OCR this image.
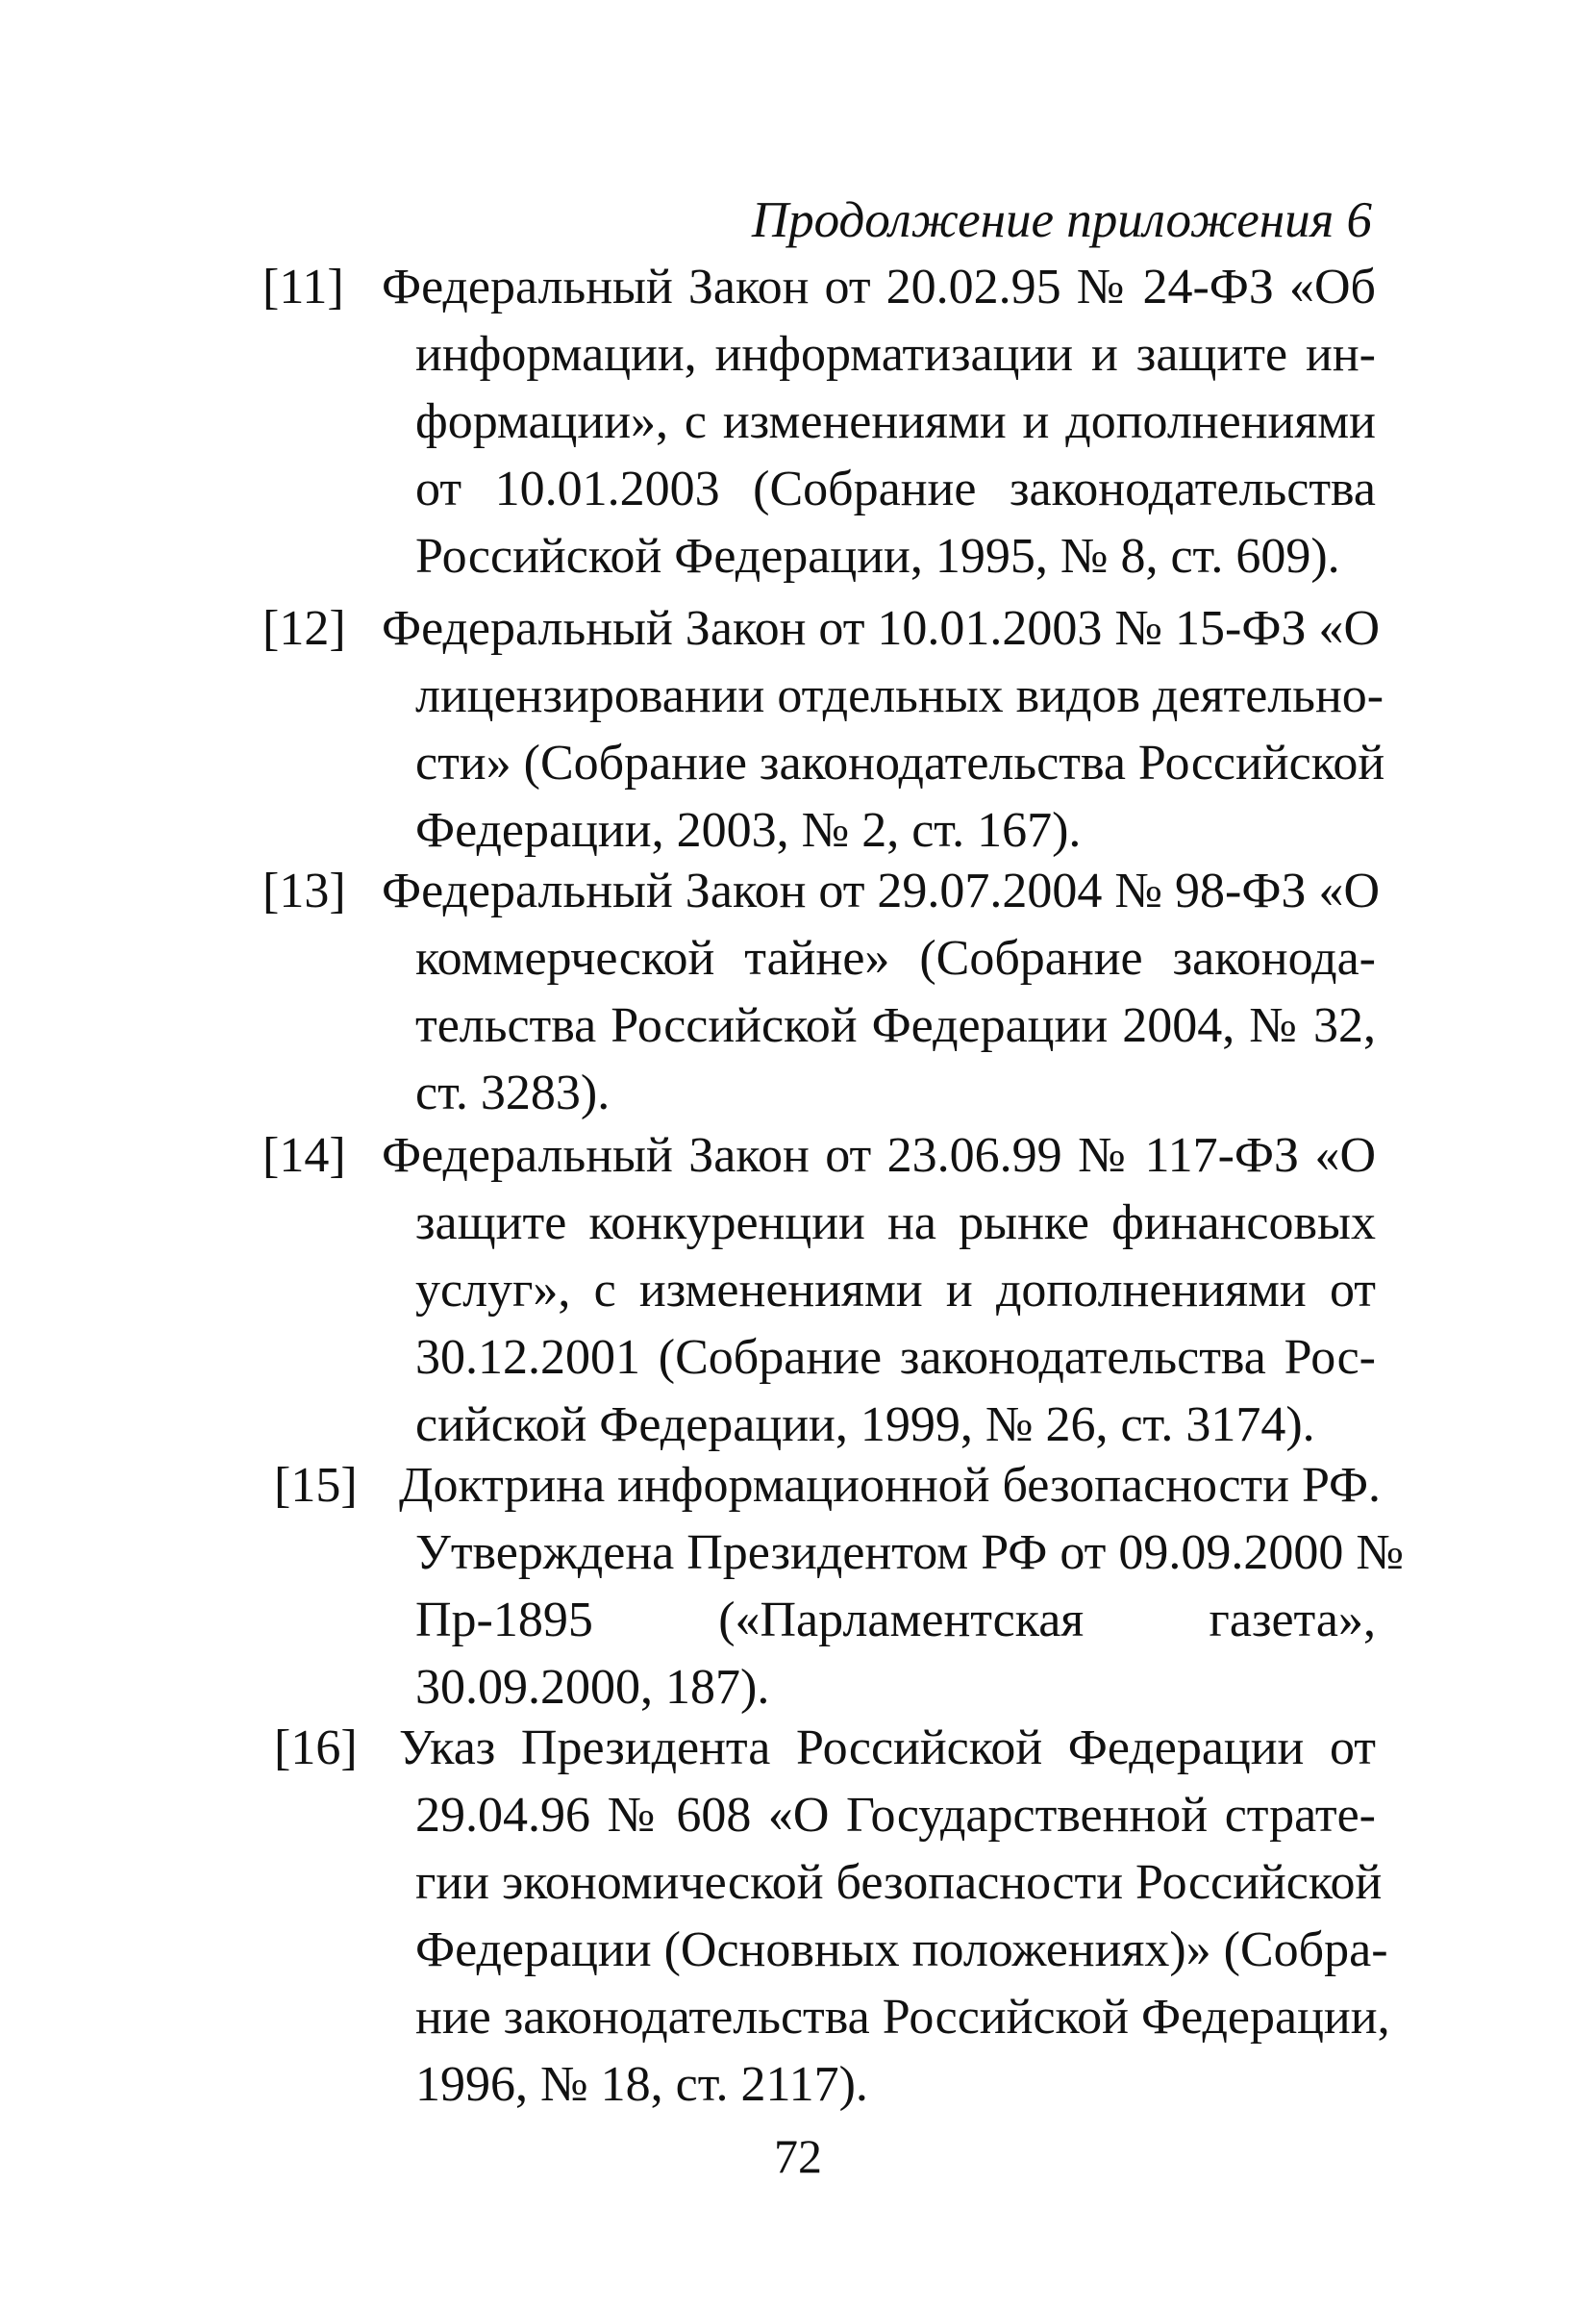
Продолжение приложения 6
[11] Федеральный Закон от 20.02.95 № 24-ФЗ «Об
информации, информатизации и защите ин-
формации», с изменениями и дополнениями
от 10.01.2003 (Собрание законодательства
Российской Федерации, 1995, № 8, ст. 609).
[12] Федеральный Закон от 10.01.2003 № 15-ФЗ «О
лицензировании отдельных видов деятельно-
сти» (Собрание законодательства Российской
Федерации, 2003, № 2, ст. 167).
[13] Федеральный Закон от 29.07.2004 № 98-ФЗ «О
коммерческой тайне» (Собрание законода-
тельства Российской Федерации 2004, № 32,
ст. 3283).
[14] Федеральный Закон от 23.06.99 № 117-ФЗ «О
защите конкуренции на рынке финансовых
услуг», с изменениями и дополнениями от
30.12.2001 (Собрание законодательства Рос-
сийской Федерации, 1999, № 26, ст. 3174).
[15] Доктрина информационной безопасности РФ.
Утверждена Президентом РФ от 09.09.2000 №
Пр-1895 («Парламентская газета»,
30.09.2000, 187).
[16] Указ Президента Российской Федерации от
29.04.96 № 608 «О Государственной страте-
гии экономической безопасности Российской
Федерации (Основных положениях)» (Собра-
ние законодательства Российской Федерации,
1996, № 18, ст. 2117).
72
